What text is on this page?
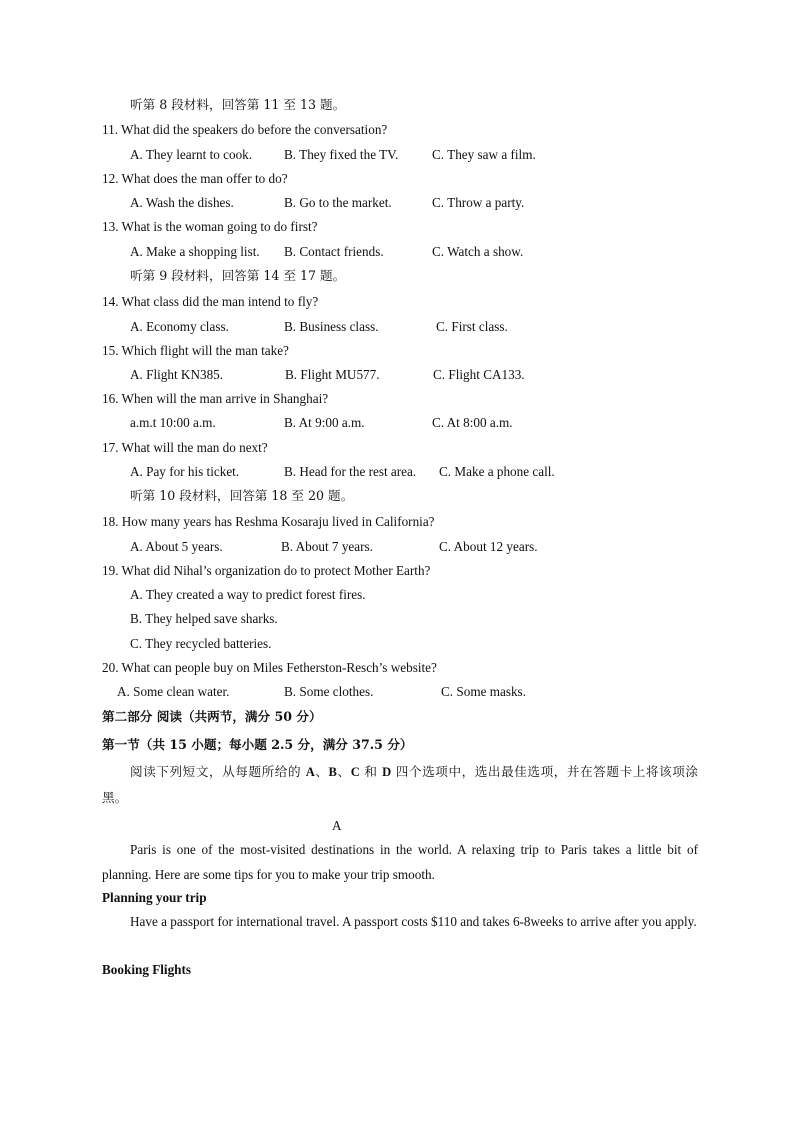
听第 8 段材料，回答第 11 至 13 题。
11. What did the speakers do before the conversation?
A. They learnt to cook. B. They fixed the TV.	C. They saw a film.
12. What does the man offer to do?
A. Wash the dishes.	B. Go to the market.	C. Throw a party.
13. What is the woman going to do first?
A. Make a shopping list. B. Contact friends.	C. Watch a show.
听第 9 段材料，回答第 14 至 17 题。
14. What class did the man intend to fly?
A. Economy class.	B. Business class.	C. First class.
15. Which flight will the man take?
A. Flight KN385.	B. Flight MU577.	C. Flight CA133.
16. When will the man arrive in Shanghai?
a.m.t 10:00 a.m.	B. At 9:00 a.m.	C. At 8:00 a.m.
17. What will the man do next?
A. Pay for his ticket.	B. Head for the rest area. C. Make a phone call.
听第 10 段材料，回答第 18 至 20 题。
18. How many years has Reshma Kosaraju lived in California?
A. About 5 years.	B. About 7 years.	C. About 12 years.
19. What did Nihal’s organization do to protect Mother Earth?
A. They created a way to predict forest fires.
B. They helped save sharks.
C. They recycled batteries.
20. What can people buy on Miles Fetherston-Resch’s website?
A. Some clean water.	B. Some clothes.	C. Some masks.
第二部分 阅读（共两节，满分 50 分）
第一节（共 15 小题；每小题 2.5 分，满分 37.5 分）
阅读下列短文，从每题所给的 A、B、C 和 D 四个选项中，选出最佳选项，并在答题卡上将该项涂黑。
A
Paris is one of the most-visited destinations in the world. A relaxing trip to Paris takes a little bit of planning. Here are some tips for you to make your trip smooth.
Planning your trip
Have a passport for international travel. A passport costs $110 and takes 6-8weeks to arrive after you apply.
Booking Flights
